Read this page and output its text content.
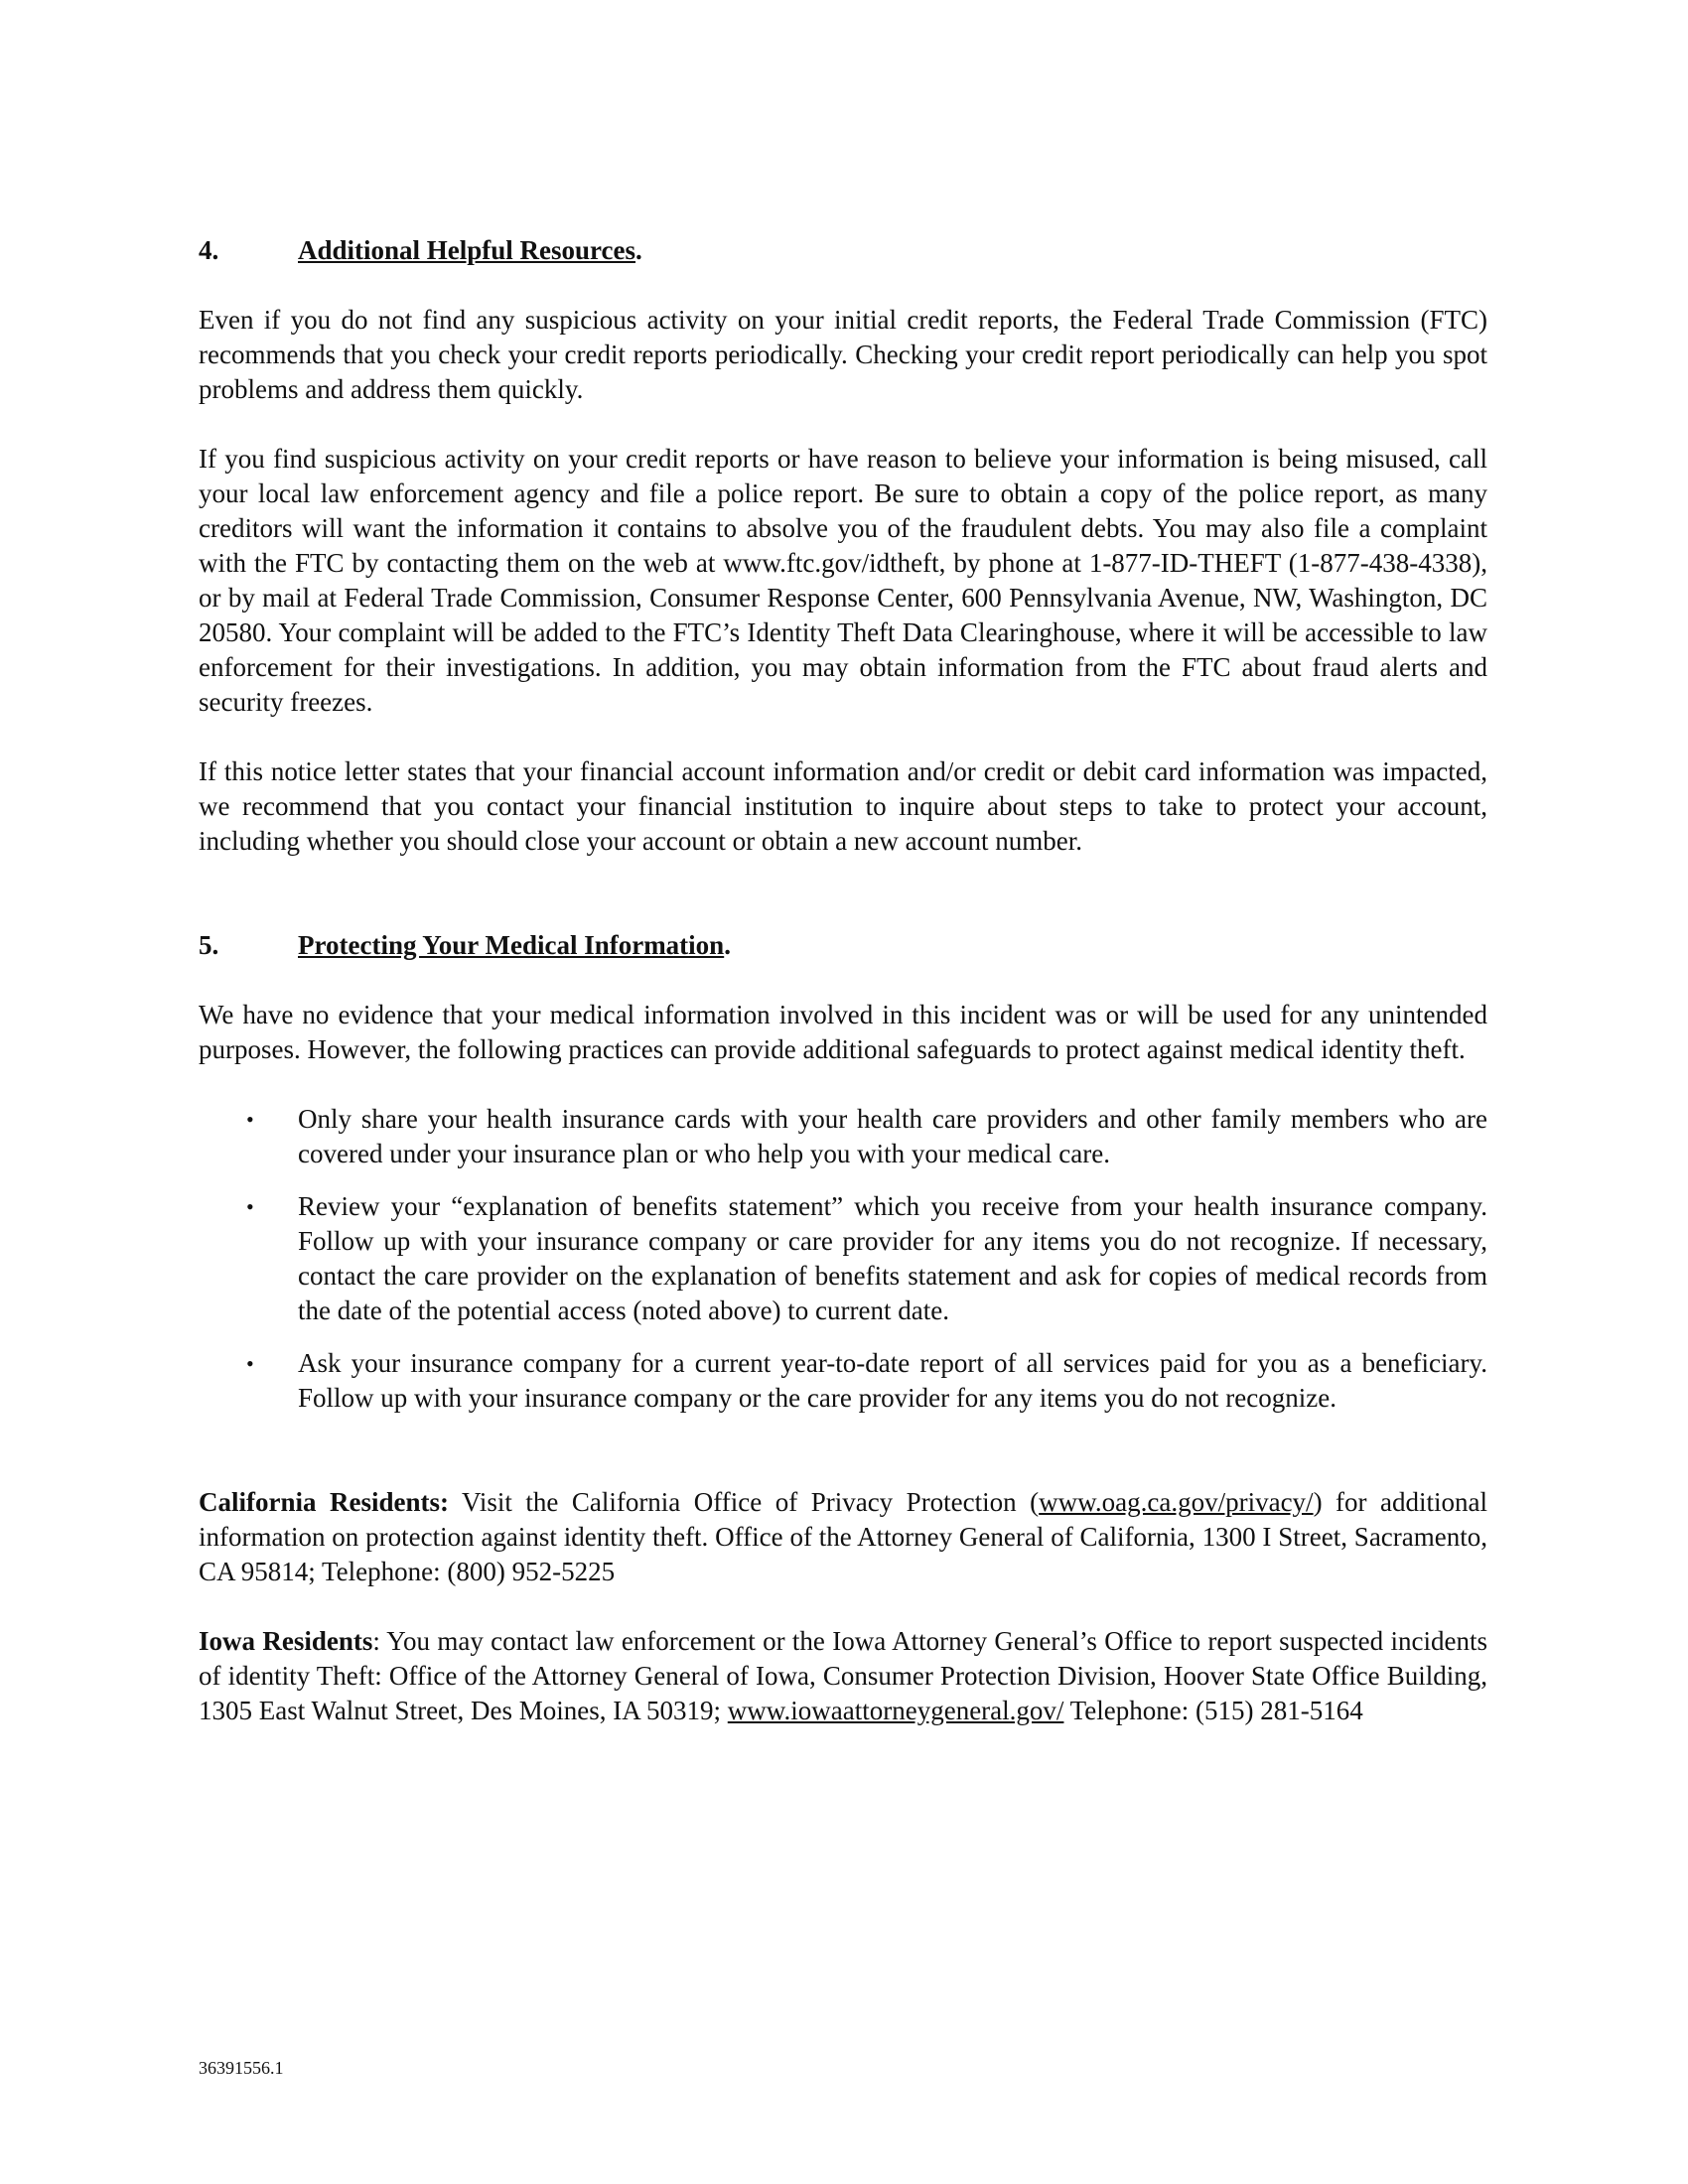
4.	Additional Helpful Resources.

Even if you do not find any suspicious activity on your initial credit reports, the Federal Trade Commission (FTC) recommends that you check your credit reports periodically. Checking your credit report periodically can help you spot problems and address them quickly.

If you find suspicious activity on your credit reports or have reason to believe your information is being misused, call your local law enforcement agency and file a police report. Be sure to obtain a copy of the police report, as many creditors will want the information it contains to absolve you of the fraudulent debts. You may also file a complaint with the FTC by contacting them on the web at www.ftc.gov/idtheft, by phone at 1-877-ID-THEFT (1-877-438-4338), or by mail at Federal Trade Commission, Consumer Response Center, 600 Pennsylvania Avenue, NW, Washington, DC 20580. Your complaint will be added to the FTC’s Identity Theft Data Clearinghouse, where it will be accessible to law enforcement for their investigations. In addition, you may obtain information from the FTC about fraud alerts and security freezes.

If this notice letter states that your financial account information and/or credit or debit card information was impacted, we recommend that you contact your financial institution to inquire about steps to take to protect your account, including whether you should close your account or obtain a new account number.

5.	Protecting Your Medical Information.

We have no evidence that your medical information involved in this incident was or will be used for any unintended purposes. However, the following practices can provide additional safeguards to protect against medical identity theft.

• Only share your health insurance cards with your health care providers and other family members who are covered under your insurance plan or who help you with your medical care.
• Review your “explanation of benefits statement” which you receive from your health insurance company. Follow up with your insurance company or care provider for any items you do not recognize. If necessary, contact the care provider on the explanation of benefits statement and ask for copies of medical records from the date of the potential access (noted above) to current date.
• Ask your insurance company for a current year-to-date report of all services paid for you as a beneficiary. Follow up with your insurance company or the care provider for any items you do not recognize.

California Residents: Visit the California Office of Privacy Protection (www.oag.ca.gov/privacy/) for additional information on protection against identity theft. Office of the Attorney General of California, 1300 I Street, Sacramento, CA 95814; Telephone: (800) 952-5225

Iowa Residents: You may contact law enforcement or the Iowa Attorney General’s Office to report suspected incidents of identity Theft: Office of the Attorney General of Iowa, Consumer Protection Division, Hoover State Office Building, 1305 East Walnut Street, Des Moines, IA 50319; www.iowaattorneygeneral.gov/ Telephone: (515) 281-5164

36391556.1
